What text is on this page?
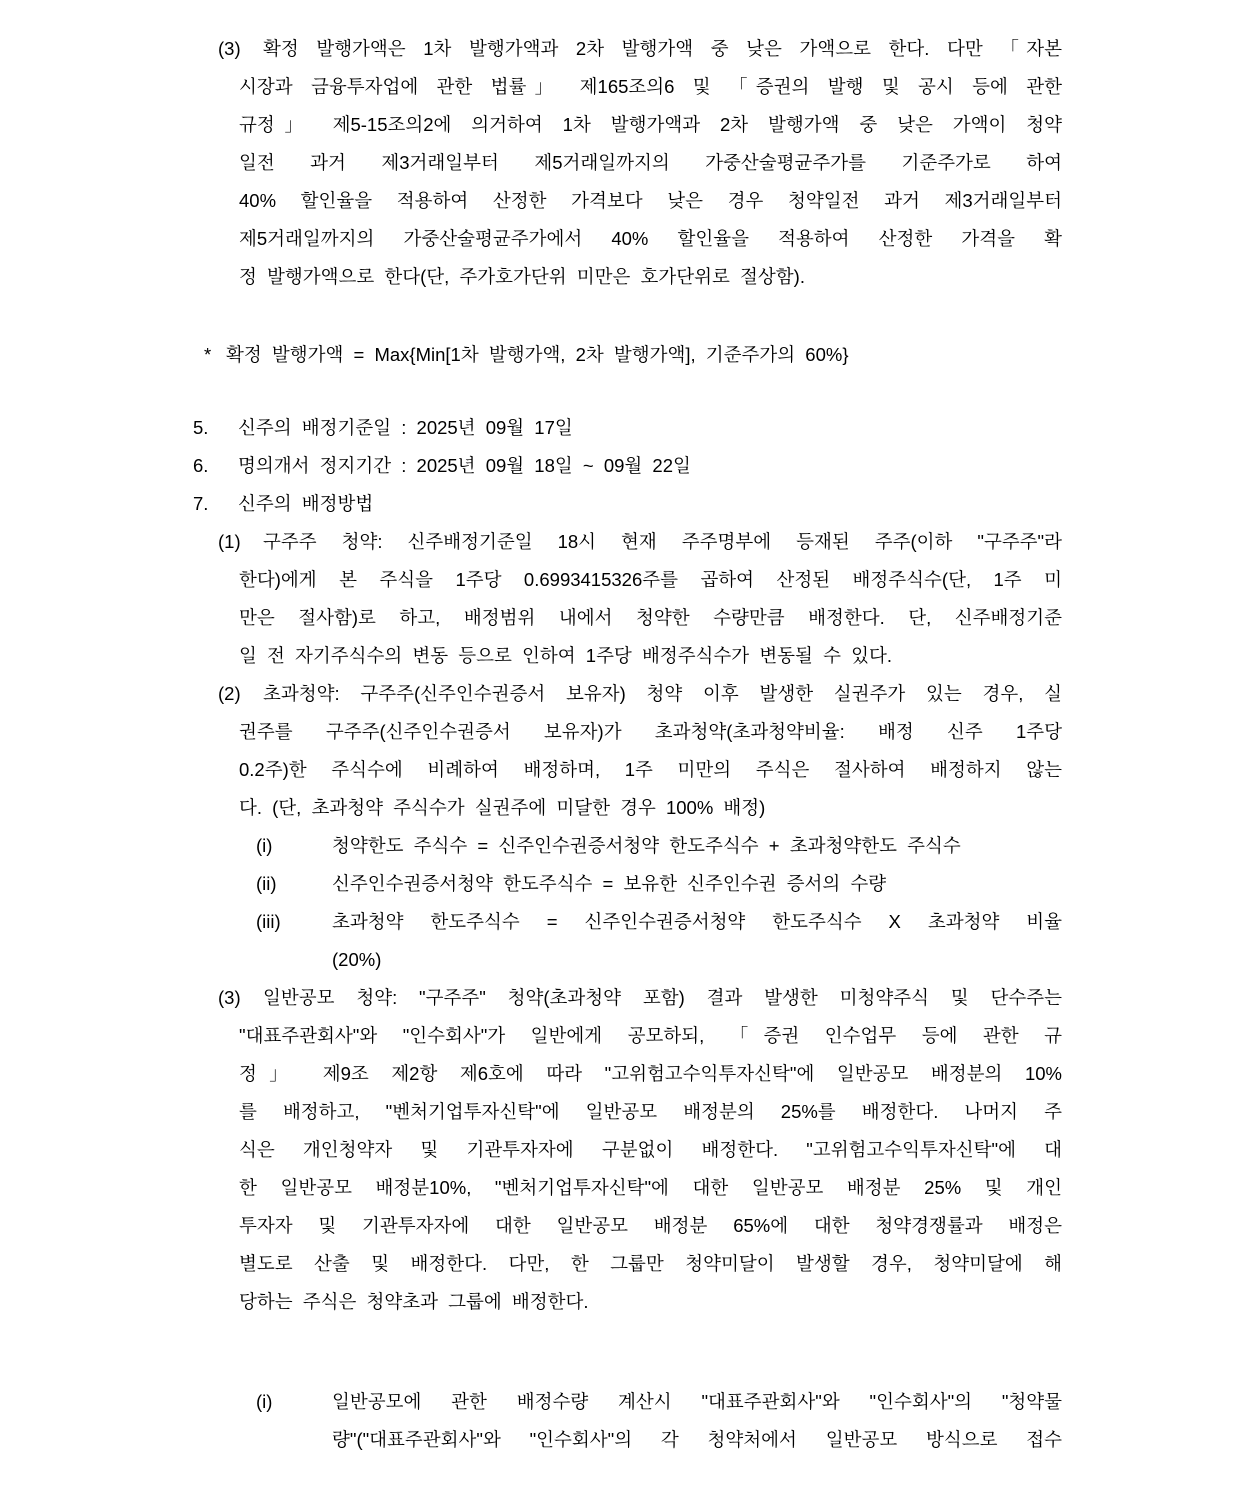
(3) 확정 발행가액은 1차 발행가액과 2차 발행가액 중 낮은 가액으로 한다. 다만 「자본
시장과 금융투자업에 관한 법률」 제165조의6 및 「증권의 발행 및 공시 등에 관한
규정」 제5-15조의2에 의거하여 1차 발행가액과 2차 발행가액 중 낮은 가액이 청약
일전 과거 제3거래일부터 제5거래일까지의 가중산술평균주가를 기준주가로 하여
40% 할인율을 적용하여 산정한 가격보다 낮은 경우 청약일전 과거 제3거래일부터
제5거래일까지의 가중산술평균주가에서 40% 할인율을 적용하여 산정한 가격을 확
정 발행가액으로 한다(단, 주가호가단위 미만은 호가단위로 절상함).
* 확정 발행가액 = Max{Min[1차 발행가액, 2차 발행가액], 기준주가의 60%}
5. 신주의 배정기준일 : 2025년 09월 17일
6. 명의개서 정지기간 : 2025년 09월 18일 ~ 09월 22일
7. 신주의 배정방법
(1) 구주주 청약: 신주배정기준일 18시 현재 주주명부에 등재된 주주(이하 "구주주"라
한다)에게 본 주식을 1주당 0.6993415326주를 곱하여 산정된 배정주식수(단, 1주 미
만은 절사함)로 하고, 배정범위 내에서 청약한 수량만큼 배정한다. 단, 신주배정기준
일 전 자기주식수의 변동 등으로 인하여 1주당 배정주식수가 변동될 수 있다.
(2) 초과청약: 구주주(신주인수권증서 보유자) 청약 이후 발생한 실권주가 있는 경우, 실
권주를 구주주(신주인수권증서 보유자)가 초과청약(초과청약비율: 배정 신주 1주당
0.2주)한 주식수에 비례하여 배정하며, 1주 미만의 주식은 절사하여 배정하지 않는
다. (단, 초과청약 주식수가 실권주에 미달한 경우 100% 배정)
(i)	청약한도 주식수 = 신주인수권증서청약 한도주식수 + 초과청약한도 주식수
(ii)	신주인수권증서청약 한도주식수 = 보유한 신주인수권 증서의 수량
(iii)	초과청약 한도주식수 = 신주인수권증서청약 한도주식수 X 초과청약 비율
(20%)
(3) 일반공모 청약: "구주주" 청약(초과청약 포함) 결과 발생한 미청약주식 및 단수주는
"대표주관회사"와 "인수회사"가 일반에게 공모하되, 「증권 인수업무 등에 관한 규
정」 제9조 제2항 제6호에 따라 "고위험고수익투자신탁"에 일반공모 배정분의 10%
를 배정하고, "벤처기업투자신탁"에 일반공모 배정분의 25%를 배정한다. 나머지 주
식은 개인청약자 및 기관투자자에 구분없이 배정한다. "고위험고수익투자신탁"에 대
한 일반공모 배정분10%, "벤처기업투자신탁"에 대한 일반공모 배정분 25% 및 개인
투자자 및 기관투자자에 대한 일반공모 배정분 65%에 대한 청약경쟁률과 배정은
별도로 산출 및 배정한다. 다만, 한 그룹만 청약미달이 발생할 경우, 청약미달에 해
당하는 주식은 청약초과 그룹에 배정한다.
(i)	일반공모에 관한 배정수량 계산시 "대표주관회사"와 "인수회사"의 "청약물
량"("대표주관회사"와 "인수회사"의 각 청약처에서 일반공모 방식으로 접수
